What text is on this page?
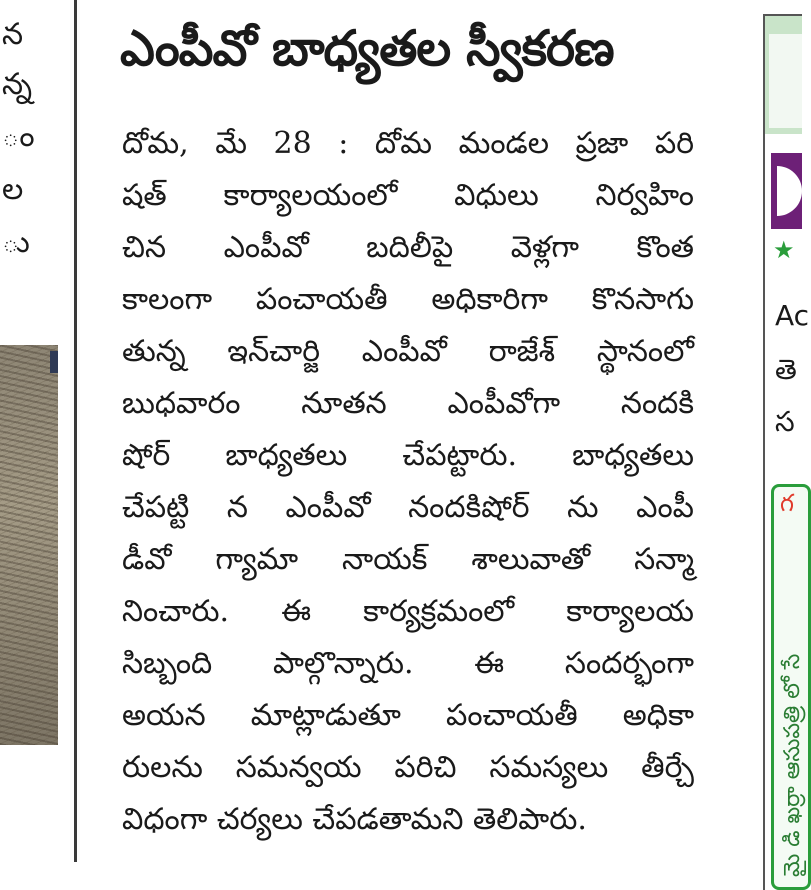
న
న్న
ం
ల
ు
ఎంపీవో బాధ్యతల స్వీకరణ
దోమ, మే 28 : దోమ మండల ప్రజా పరి
షత్ కార్యాలయంలో విధులు నిర్వహిం
చిన ఎంపీవో బదిలీపై వెళ్లగా కొంత
కాలంగా పంచాయతీ అధికారిగా కొనసాగు
తున్న ఇన్‌చార్జి ఎంపీవో రాజేశ్ స్థానంలో
బుధవారం నూతన ఎంపీవోగా నందకి
షోర్ బాధ్యతలు చేపట్టారు. బాధ్యతలు
చేపట్టి న ఎంపీవో నందకిషోర్ ను ఎంపీ
డీవో గ్యామా నాయక్ శాలువాతో సన్మా
నించారు. ఈ కార్యక్రమంలో కార్యాలయ
సిబ్బంది పాల్గొన్నారు. ఈ సందర్భంగా
అయన మాట్లాడుతూ పంచాయతీ అధికా
రులను సమన్వయ పరిచి సమస్యలు తీర్చే
విధంగా చర్యలు చేపడతామని తెలిపారు.
★
Ac
తె
స
గ
మై డి ఖర్రా ఆసుపత్రి లో సే
